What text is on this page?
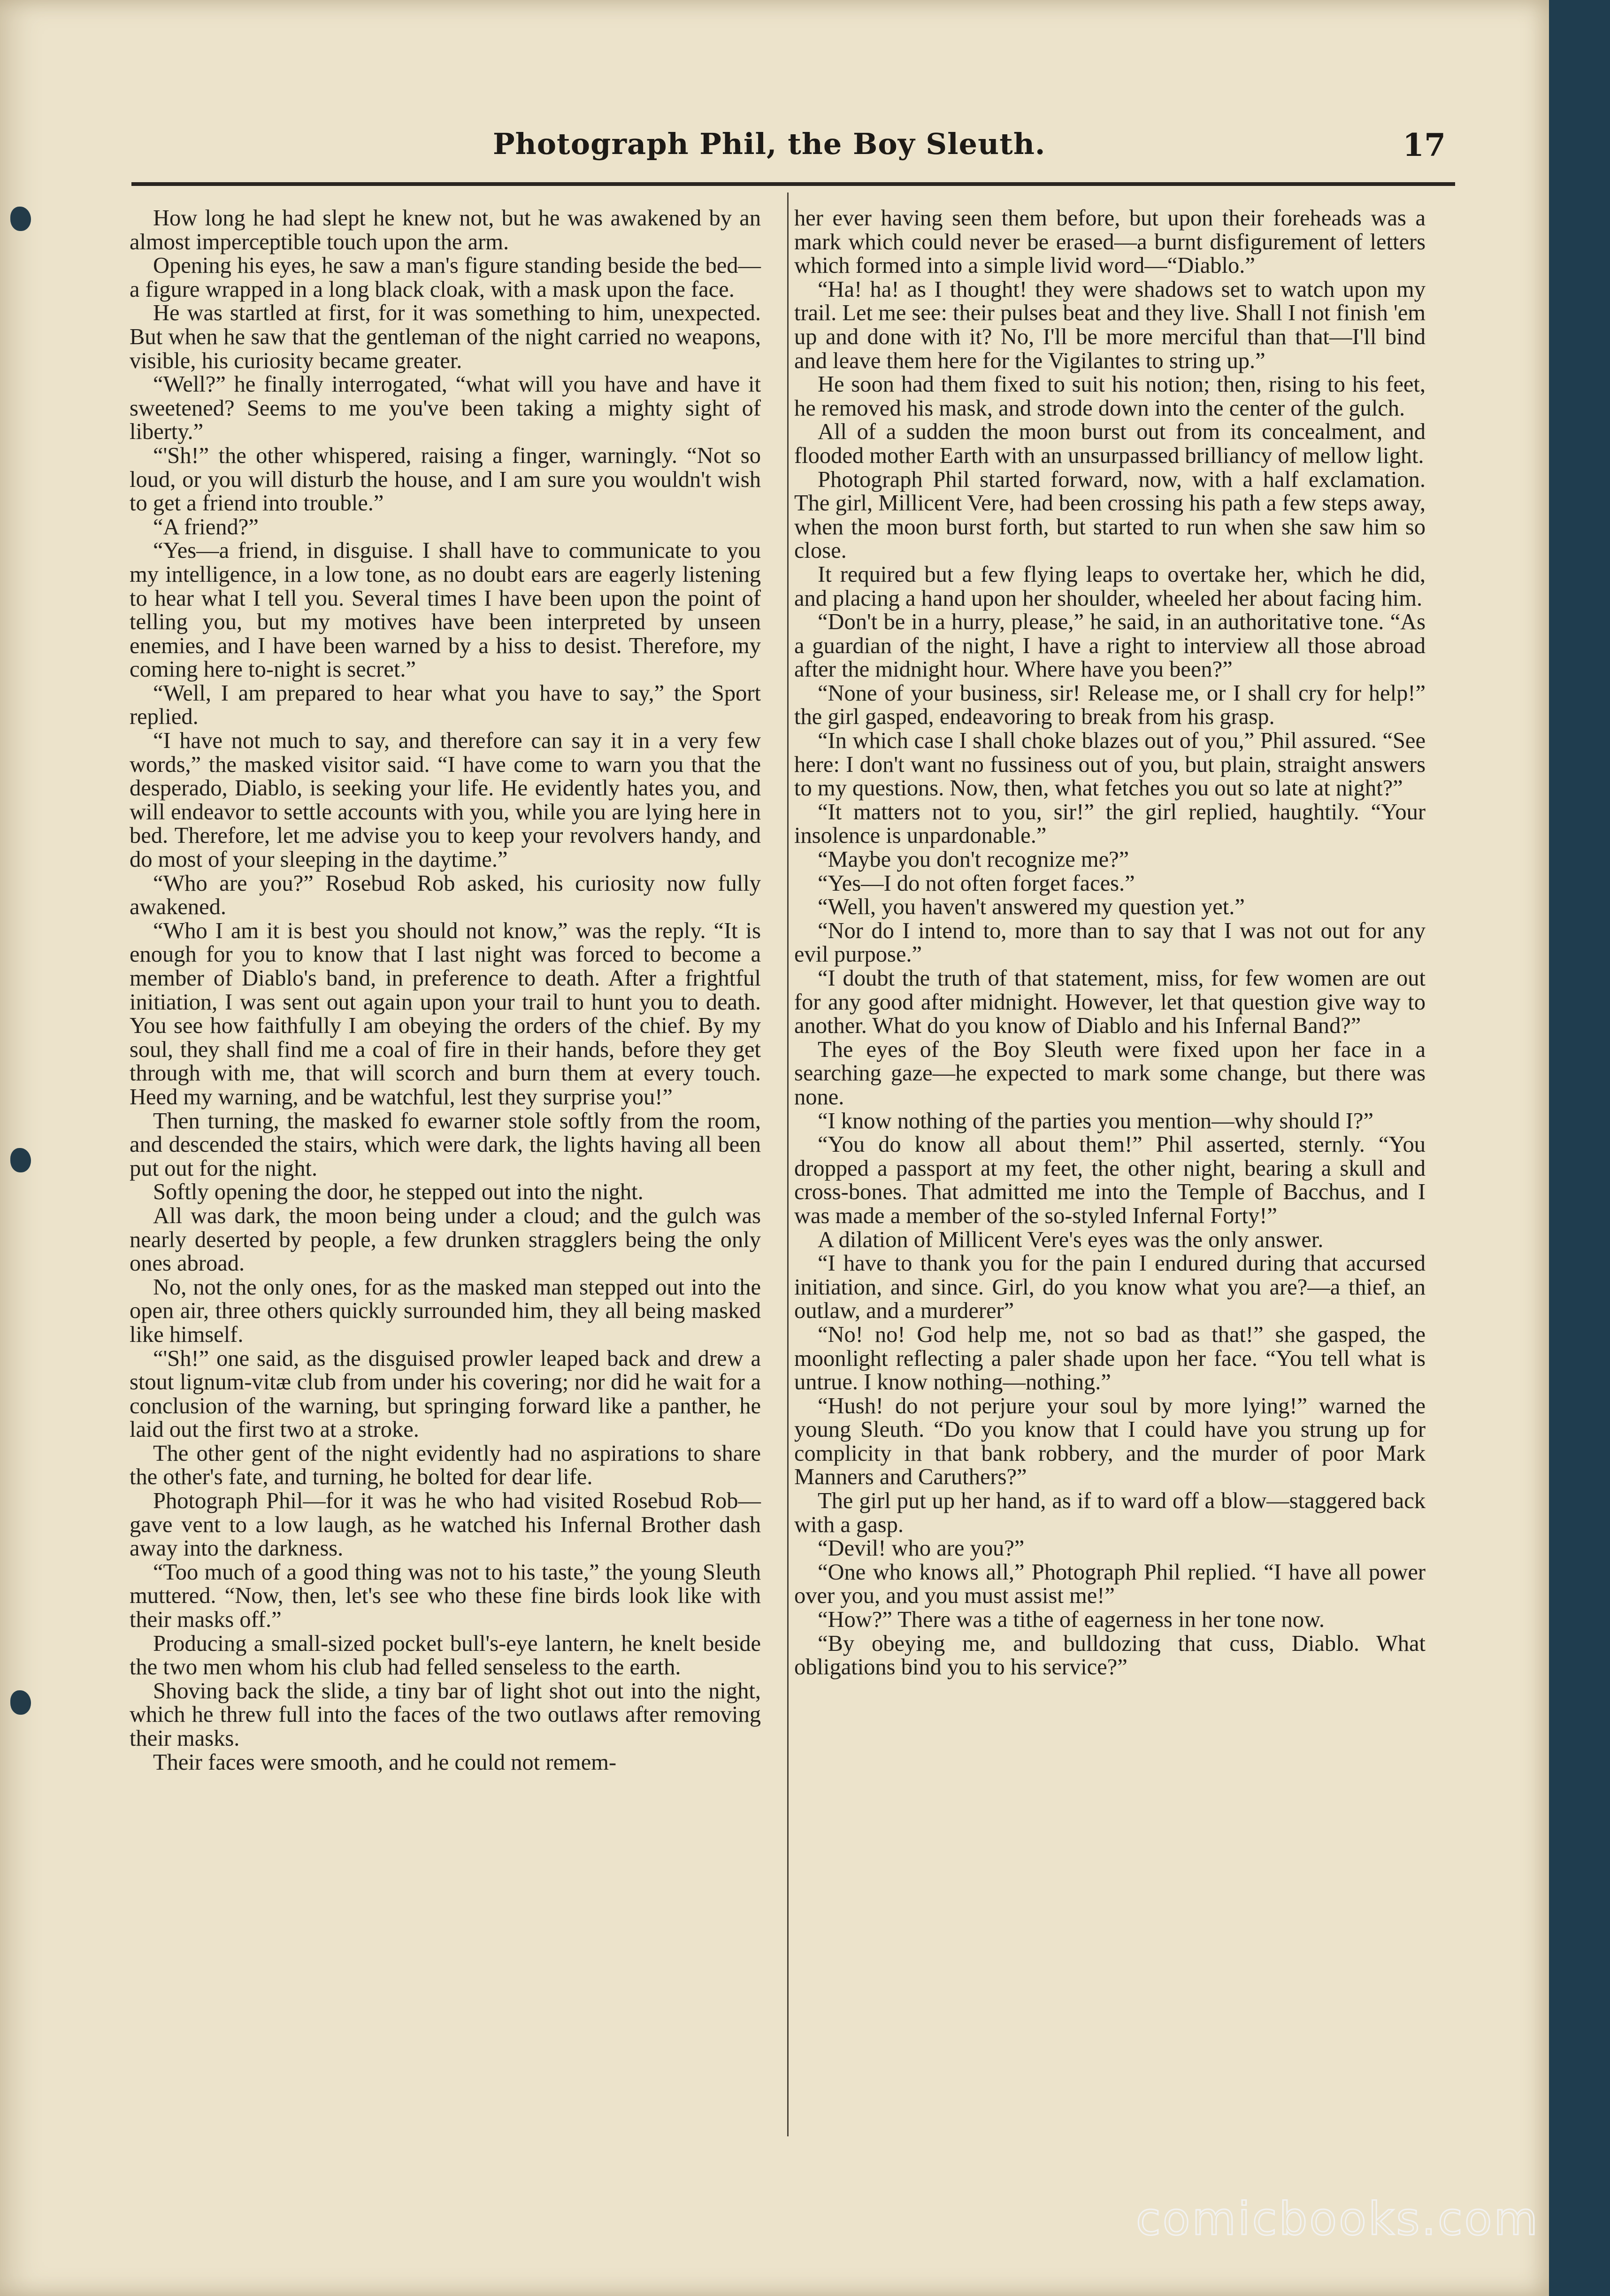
Photograph Phil, the Boy Sleuth.	17

How long he had slept he knew not, but he was awakened by an almost imperceptible touch upon the arm.

Opening his eyes, he saw a man's figure standing beside the bed—a figure wrapped in a long black cloak, with a mask upon the face.

He was startled at first, for it was something to him, unexpected. But when he saw that the gentleman of the night carried no weapons, visible, his curiosity became greater.

“Well?” he finally interrogated, “what will you have and have it sweetened? Seems to me you've been taking a mighty sight of liberty.”

“'Sh!” the other whispered, raising a finger, warningly. “Not so loud, or you will disturb the house, and I am sure you wouldn't wish to get a friend into trouble.”

“A friend?”

“Yes—a friend, in disguise. I shall have to communicate to you my intelligence, in a low tone, as no doubt ears are eagerly listening to hear what I tell you. Several times I have been upon the point of telling you, but my motives have been interpreted by unseen enemies, and I have been warned by a hiss to desist. Therefore, my coming here to-night is secret.”

“Well, I am prepared to hear what you have to say,” the Sport replied.

“I have not much to say, and therefore can say it in a very few words,” the masked visitor said. “I have come to warn you that the desperado, Diablo, is seeking your life. He evidently hates you, and will endeavor to settle accounts with you, while you are lying here in bed. Therefore, let me advise you to keep your revolvers handy, and do most of your sleeping in the daytime.”

“Who are you?” Rosebud Rob asked, his curiosity now fully awakened.

“Who I am it is best you should not know,” was the reply. “It is enough for you to know that I last night was forced to become a member of Diablo's band, in preference to death. After a frightful initiation, I was sent out again upon your trail to hunt you to death. You see how faithfully I am obeying the orders of the chief. By my soul, they shall find me a coal of fire in their hands, before they get through with me, that will scorch and burn them at every touch. Heed my warning, and be watchful, lest they surprise you!”

Then turning, the masked fo ewarner stole softly from the room, and descended the stairs, which were dark, the lights having all been put out for the night.

Softly opening the door, he stepped out into the night.

All was dark, the moon being under a cloud; and the gulch was nearly deserted by people, a few drunken stragglers being the only ones abroad.

No, not the only ones, for as the masked man stepped out into the open air, three others quickly surrounded him, they all being masked like himself.

“'Sh!” one said, as the disguised prowler leaped back and drew a stout lignum-vitæ club from under his covering; nor did he wait for a conclusion of the warning, but springing forward like a panther, he laid out the first two at a stroke.

The other gent of the night evidently had no aspirations to share the other's fate, and turning, he bolted for dear life.

Photograph Phil—for it was he who had visited Rosebud Rob—gave vent to a low laugh, as he watched his Infernal Brother dash away into the darkness.

“Too much of a good thing was not to his taste,” the young Sleuth muttered. “Now, then, let's see who these fine birds look like with their masks off.”

Producing a small-sized pocket bull's-eye lantern, he knelt beside the two men whom his club had felled senseless to the earth.

Shoving back the slide, a tiny bar of light shot out into the night, which he threw full into the faces of the two outlaws after removing their masks.

Their faces were smooth, and he could not remem-

her ever having seen them before, but upon their foreheads was a mark which could never be erased—a burnt disfigurement of letters which formed into a simple livid word—“Diablo.”

“Ha! ha! as I thought! they were shadows set to watch upon my trail. Let me see: their pulses beat and they live. Shall I not finish 'em up and done with it? No, I'll be more merciful than that—I'll bind and leave them here for the Vigilantes to string up.”

He soon had them fixed to suit his notion; then, rising to his feet, he removed his mask, and strode down into the center of the gulch.

All of a sudden the moon burst out from its concealment, and flooded mother Earth with an unsurpassed brilliancy of mellow light.

Photograph Phil started forward, now, with a half exclamation. The girl, Millicent Vere, had been crossing his path a few steps away, when the moon burst forth, but started to run when she saw him so close.

It required but a few flying leaps to overtake her, which he did, and placing a hand upon her shoulder, wheeled her about facing him.

“Don't be in a hurry, please,” he said, in an authoritative tone. “As a guardian of the night, I have a right to interview all those abroad after the midnight hour. Where have you been?”

“None of your business, sir! Release me, or I shall cry for help!” the girl gasped, endeavoring to break from his grasp.

“In which case I shall choke blazes out of you,” Phil assured. “See here: I don't want no fussiness out of you, but plain, straight answers to my questions. Now, then, what fetches you out so late at night?”

“It matters not to you, sir!” the girl replied, haughtily. “Your insolence is unpardonable.”

“Maybe you don't recognize me?”

“Yes—I do not often forget faces.”

“Well, you haven't answered my question yet.”

“Nor do I intend to, more than to say that I was not out for any evil purpose.”

“I doubt the truth of that statement, miss, for few women are out for any good after midnight. However, let that question give way to another. What do you know of Diablo and his Infernal Band?”

The eyes of the Boy Sleuth were fixed upon her face in a searching gaze—he expected to mark some change, but there was none.

“I know nothing of the parties you mention—why should I?”

“You do know all about them!” Phil asserted, sternly. “You dropped a passport at my feet, the other night, bearing a skull and cross-bones. That admitted me into the Temple of Bacchus, and I was made a member of the so-styled Infernal Forty!”

A dilation of Millicent Vere's eyes was the only answer.

“I have to thank you for the pain I endured during that accursed initiation, and since. Girl, do you know what you are?—a thief, an outlaw, and a murderer”

“No! no! God help me, not so bad as that!” she gasped, the moonlight reflecting a paler shade upon her face. “You tell what is untrue. I know nothing—nothing.”

“Hush! do not perjure your soul by more lying!” warned the young Sleuth. “Do you know that I could have you strung up for complicity in that bank robbery, and the murder of poor Mark Manners and Caruthers?”

The girl put up her hand, as if to ward off a blow—staggered back with a gasp.

“Devil! who are you?”

“One who knows all,” Photograph Phil replied. “I have all power over you, and you must assist me!”

“How?” There was a tithe of eagerness in her tone now.

“By obeying me, and bulldozing that cuss, Diablo. What obligations bind you to his service?”

comicbooks.com
